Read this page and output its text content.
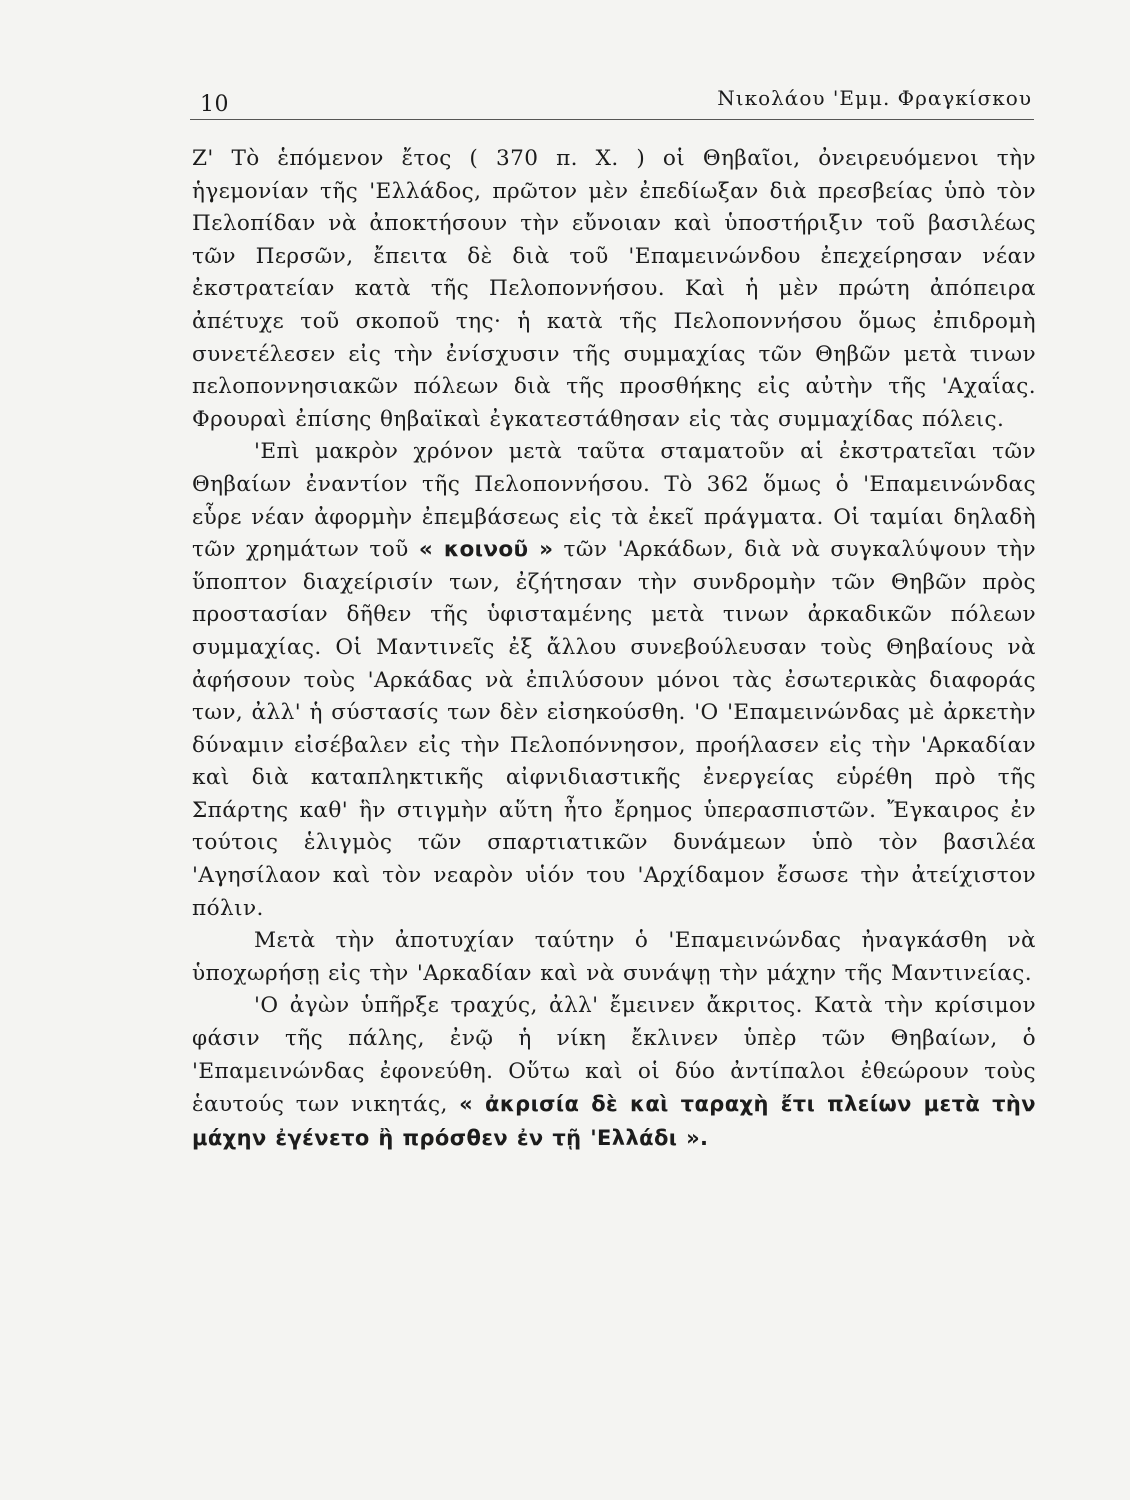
10	Νικολάου 'Εμμ. Φραγκίσκου

Ζ' Τὸ ἑπόμενον ἔτος ( 370 π. Χ. ) οἱ Θηβαῖοι, ὀνειρευόμενοι τὴν ἡγεμονίαν τῆς 'Ελλάδος, πρῶτον μὲν ἐπεδίωξαν διὰ πρεσβείας ὑπὸ τὸν Πελοπίδαν νὰ ἀποκτήσουν τὴν εὔνοιαν καὶ ὑποστήριξιν τοῦ βασιλέως τῶν Περσῶν, ἔπειτα δὲ διὰ τοῦ 'Επαμεινώνδου ἐπεχείρησαν νέαν ἐκστρατείαν κατὰ τῆς Πελοποννήσου. Καὶ ἡ μὲν πρώτη ἀπόπειρα ἀπέτυχε τοῦ σκοποῦ της· ἡ κατὰ τῆς Πελοποννήσου ὅμως ἐπιδρομὴ συνετέλεσεν εἰς τὴν ἐνίσχυσιν τῆς συμμαχίας τῶν Θηβῶν μετὰ τινων πελοποννησιακῶν πόλεων διὰ τῆς προσθήκης εἰς αὐτὴν τῆς 'Αχαΐας. Φρουραὶ ἐπίσης θηβαϊκαὶ ἐγκατεστάθησαν εἰς τὰς συμμαχίδας πόλεις.

'Επὶ μακρὸν χρόνον μετὰ ταῦτα σταματοῦν αἱ ἐκστρατεῖαι τῶν Θηβαίων ἐναντίον τῆς Πελοποννήσου. Τὸ 362 ὅμως ὁ 'Επαμεινώνδας εὗρε νέαν ἀφορμὴν ἐπεμβάσεως εἰς τὰ ἐκεῖ πράγματα. Οἱ ταμίαι δηλαδὴ τῶν χρημάτων τοῦ « κοινοῦ » τῶν 'Αρκάδων, διὰ νὰ συγκαλύψουν τὴν ὕποπτον διαχείρισίν των, ἐζήτησαν τὴν συνδρομὴν τῶν Θηβῶν πρὸς προστασίαν δῆθεν τῆς ὑφισταμένης μετὰ τινων ἀρκαδικῶν πόλεων συμμαχίας. Οἱ Μαντινεῖς ἐξ ἄλλου συνεβούλευσαν τοὺς Θηβαίους νὰ ἀφήσουν τοὺς 'Αρκάδας νὰ ἐπιλύσουν μόνοι τὰς ἐσωτερικὰς διαφοράς των, ἀλλ' ἡ σύστασίς των δὲν εἰσηκούσθη. 'Ο 'Επαμεινώνδας μὲ ἀρκετὴν δύναμιν εἰσέβαλεν εἰς τὴν Πελοπόννησον, προήλασεν εἰς τὴν 'Αρκαδίαν καὶ διὰ καταπληκτικῆς αἰφνιδιαστικῆς ἐνεργείας εὑρέθη πρὸ τῆς Σπάρτης καθ' ἣν στιγμὴν αὕτη ἦτο ἔρημος ὑπερασπιστῶν. Ἔγκαιρος ἐν τούτοις ἑλιγμὸς τῶν σπαρτιατικῶν δυνάμεων ὑπὸ τὸν βασιλέα 'Αγησίλαον καὶ τὸν νεαρὸν υἱόν του 'Αρχίδαμον ἔσωσε τὴν ἀτείχιστον πόλιν.

Μετὰ τὴν ἀποτυχίαν ταύτην ὁ 'Επαμεινώνδας ἠναγκάσθη νὰ ὑποχωρήσῃ εἰς τὴν 'Αρκαδίαν καὶ νὰ συνάψῃ τὴν μάχην τῆς Μαντινείας.

'Ο ἀγὼν ὑπῆρξε τραχύς, ἀλλ' ἔμεινεν ἄκριτος. Κατὰ τὴν κρίσιμον φάσιν τῆς πάλης, ἐνῷ ἡ νίκη ἔκλινεν ὑπὲρ τῶν Θηβαίων, ὁ 'Επαμεινώνδας ἐφονεύθη. Οὕτω καὶ οἱ δύο ἀντίπαλοι ἐθεώρουν τοὺς ἑαυτούς των νικητάς, « ἀκρισία δὲ καὶ ταραχὴ ἔτι πλείων μετὰ τὴν μάχην ἐγένετο ἢ πρόσθεν ἐν τῇ 'Ελλάδι ».
